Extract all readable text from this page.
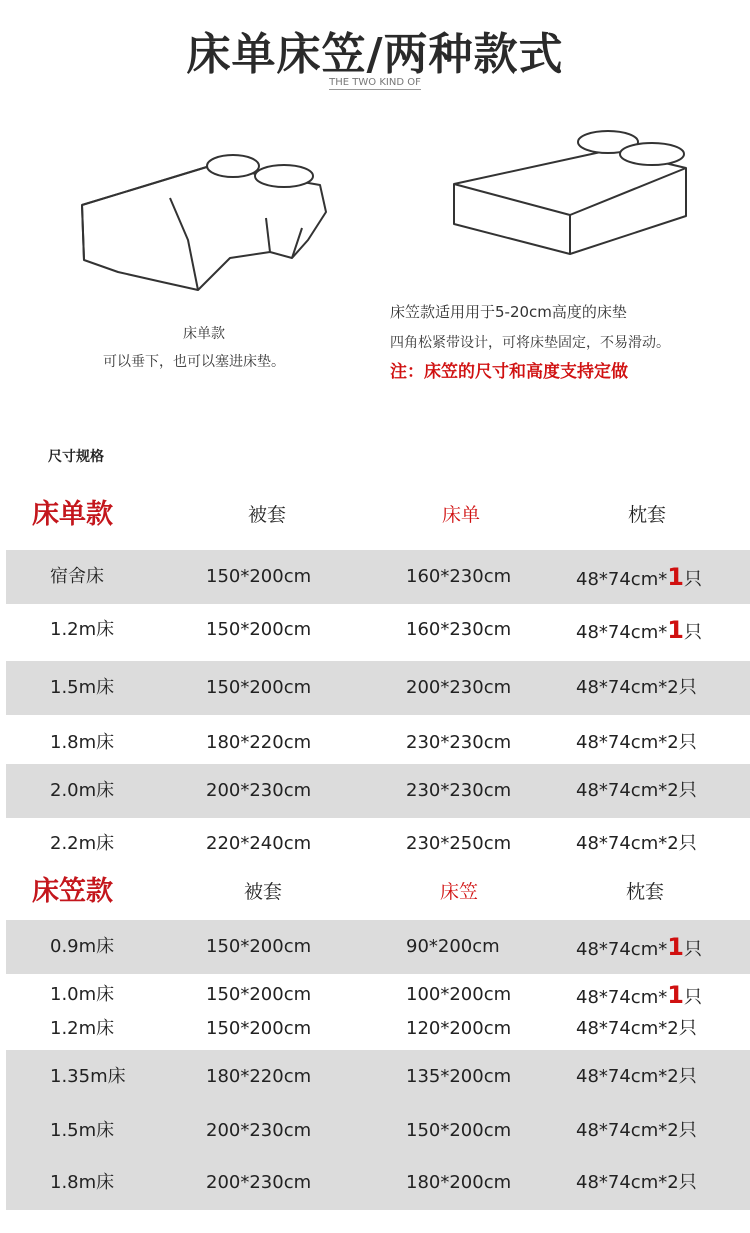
床单床笠/两种款式
THE TWO KIND OF
床单款
可以垂下，也可以塞进床垫。
床笠款适用用于5-20cm高度的床垫
四角松紧带设计，可将床垫固定，不易滑动。
注：床笠的尺寸和高度支持定做
尺寸规格
床单款	被套	床单	枕套
宿舍床	150*200cm	160*230cm	48*74cm*1只
1.2m床	150*200cm	160*230cm	48*74cm*1只
1.5m床	150*200cm	200*230cm	48*74cm*2只
1.8m床	180*220cm	230*230cm	48*74cm*2只
2.0m床	200*230cm	230*230cm	48*74cm*2只
2.2m床	220*240cm	230*250cm	48*74cm*2只
床笠款	被套	床笠	枕套
0.9m床	150*200cm	90*200cm	48*74cm*1只
1.0m床	150*200cm	100*200cm	48*74cm*1只
1.2m床	150*200cm	120*200cm	48*74cm*2只
1.35m床	180*220cm	135*200cm	48*74cm*2只
1.5m床	200*230cm	150*200cm	48*74cm*2只
1.8m床	200*230cm	180*200cm	48*74cm*2只
